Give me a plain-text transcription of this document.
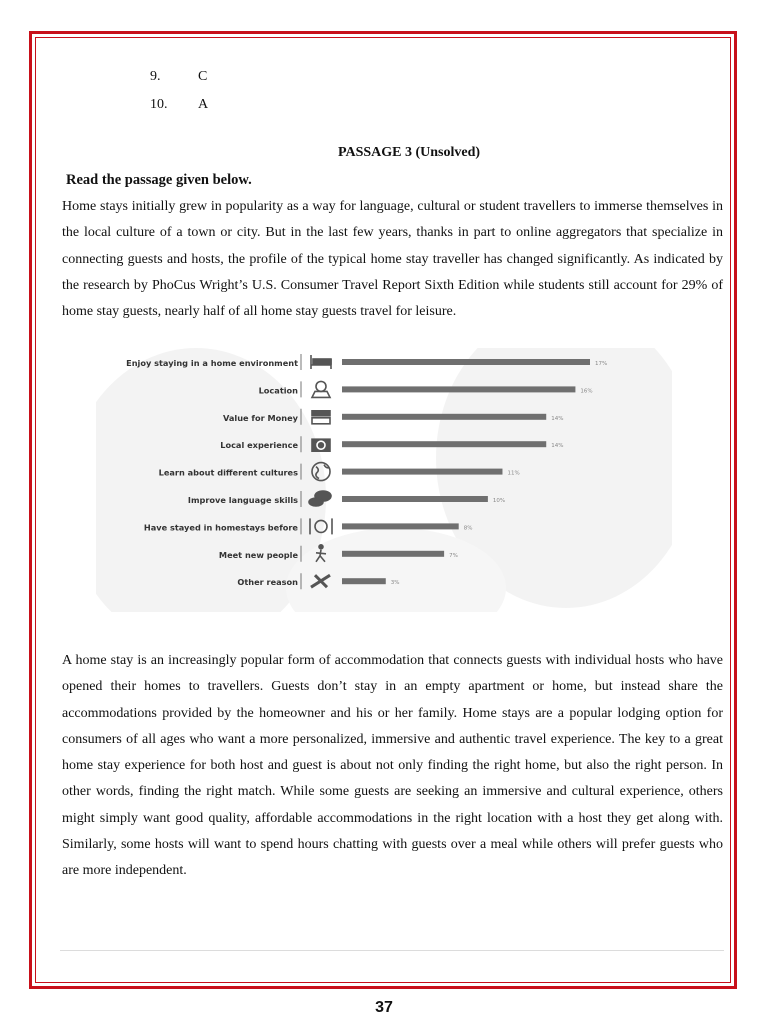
9.	C
10.	A
PASSAGE 3 (Unsolved)
Read the passage given below.

Home stays initially grew in popularity as a way for language, cultural or student travellers to immerse themselves in the local culture of a town or city. But in the last few years, thanks in part to online aggregators that specialize in connecting guests and hosts, the profile of the typical home stay traveller has changed significantly. As indicated by the research by PhoCus Wright’s U.S. Consumer Travel Report Sixth Edition while students still account for 29% of home stay guests, nearly half of all home stay guests travel for leisure.

Enjoy staying in a home environment	17%
Location	16%
Value for Money	14%
Local experience	14%
Learn about different cultures	11%
Improve language skills	10%
Have stayed in homestays before	8%
Meet new people	7%
Other reason	3%

A home stay is an increasingly popular form of accommodation that connects guests with individual hosts who have opened their homes to travellers. Guests don’t stay in an empty apartment or home, but instead share the accommodations provided by the homeowner and his or her family. Home stays are a popular lodging option for consumers of all ages who want a more personalized, immersive and authentic travel experience. The key to a great home stay experience for both host and guest is about not only finding the right home, but also the right person. In other words, finding the right match. While some guests are seeking an immersive and cultural experience, others might simply want good quality, affordable accommodations in the right location with a host they get along with. Similarly, some hosts will want to spend hours chatting with guests over a meal while others will prefer guests who are more independent.

37
